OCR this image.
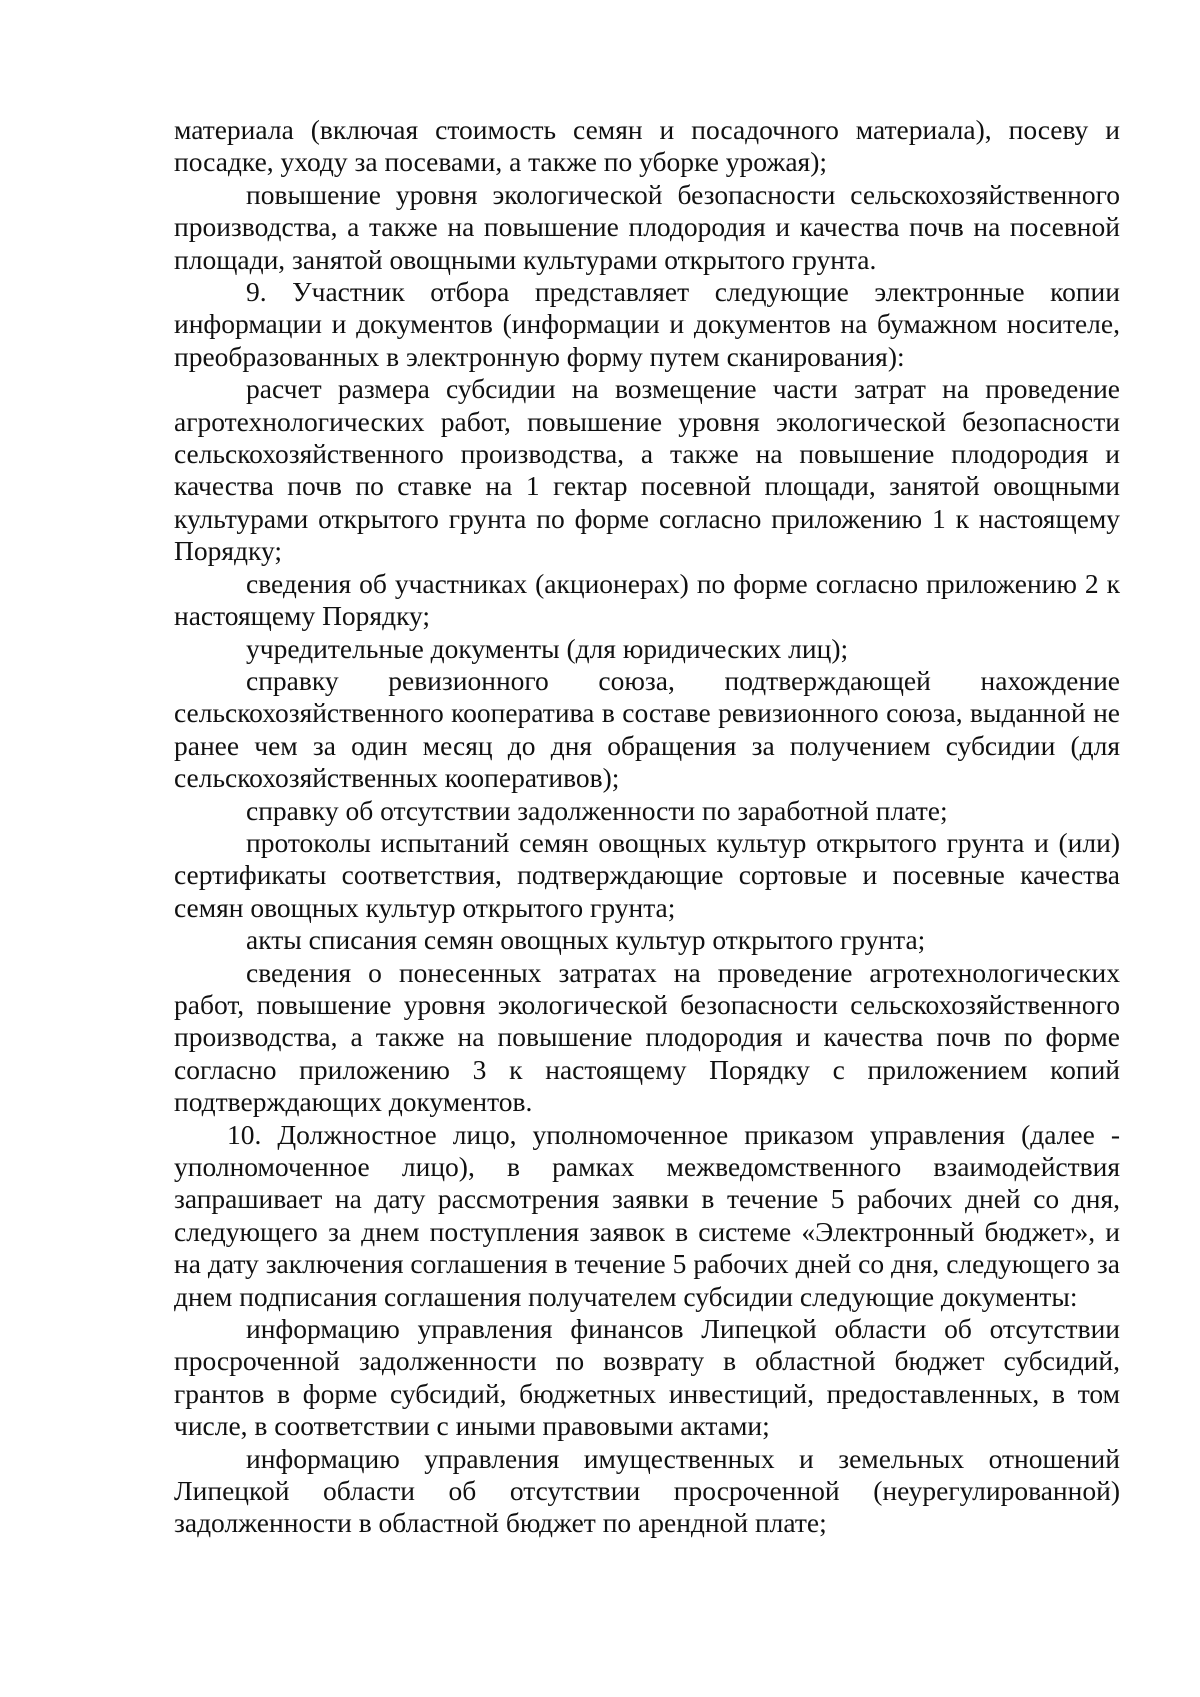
материала (включая стоимость семян и посадочного материала), посеву и посадке, уходу за посевами, а также по уборке урожая);

повышение уровня экологической безопасности сельскохозяйственного производства, а также на повышение плодородия и качества почв на посевной площади, занятой овощными культурами открытого грунта.

9. Участник отбора представляет следующие электронные копии информации и документов (информации и документов на бумажном носителе, преобразованных в электронную форму путем сканирования):

расчет размера субсидии на возмещение части затрат на проведение агротехнологических работ, повышение уровня экологической безопасности сельскохозяйственного производства, а также на повышение плодородия и качества почв по ставке на 1 гектар посевной площади, занятой овощными культурами открытого грунта по форме согласно приложению 1 к настоящему Порядку;

сведения об участниках (акционерах) по форме согласно приложению 2 к настоящему Порядку;

учредительные документы (для юридических лиц);

справку ревизионного союза, подтверждающей нахождение сельскохозяйственного кооператива в составе ревизионного союза, выданной не ранее чем за один месяц до дня обращения за получением субсидии (для сельскохозяйственных кооперативов);

справку об отсутствии задолженности по заработной плате;

протоколы испытаний семян овощных культур открытого грунта и (или) сертификаты соответствия, подтверждающие сортовые и посевные качества семян овощных культур открытого грунта;

акты списания семян овощных культур открытого грунта;

сведения о понесенных затратах на проведение агротехнологических работ, повышение уровня экологической безопасности сельскохозяйственного производства, а также на повышение плодородия и качества почв по форме согласно приложению 3 к настоящему Порядку с приложением копий подтверждающих документов.

10. Должностное лицо, уполномоченное приказом управления (далее - уполномоченное лицо), в рамках межведомственного взаимодействия запрашивает на дату рассмотрения заявки в течение 5 рабочих дней со дня, следующего за днем поступления заявок в системе «Электронный бюджет», и на дату заключения соглашения в течение 5 рабочих дней со дня, следующего за днем подписания соглашения получателем субсидии следующие документы:

информацию управления финансов Липецкой области об отсутствии просроченной задолженности по возврату в областной бюджет субсидий, грантов в форме субсидий, бюджетных инвестиций, предоставленных, в том числе, в соответствии с иными правовыми актами;

информацию управления имущественных и земельных отношений Липецкой области об отсутствии просроченной (неурегулированной) задолженности в областной бюджет по арендной плате;
